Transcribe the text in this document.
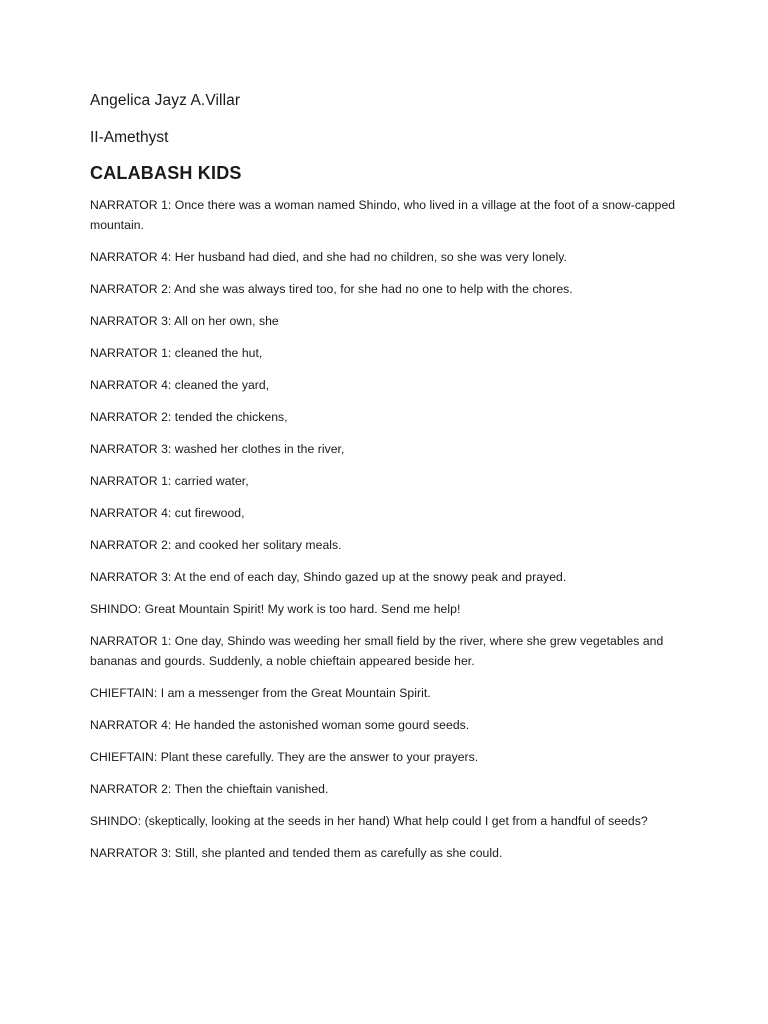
Angelica Jayz A.Villar

II-Amethyst

CALABASH KIDS

NARRATOR 1: Once there was a woman named Shindo, who lived in a village at the foot of a snow-capped mountain.

NARRATOR 4: Her husband had died, and she had no children, so she was very lonely.

NARRATOR 2: And she was always tired too, for she had no one to help with the chores.

NARRATOR 3: All on her own, she

NARRATOR 1: cleaned the hut,

NARRATOR 4: cleaned the yard,

NARRATOR 2: tended the chickens,

NARRATOR 3: washed her clothes in the river,

NARRATOR 1: carried water,

NARRATOR 4: cut firewood,

NARRATOR 2: and cooked her solitary meals.

NARRATOR 3: At the end of each day, Shindo gazed up at the snowy peak and prayed.

SHINDO: Great Mountain Spirit! My work is too hard. Send me help!

NARRATOR 1: One day, Shindo was weeding her small field by the river, where she grew vegetables and bananas and gourds. Suddenly, a noble chieftain appeared beside her.

CHIEFTAIN: I am a messenger from the Great Mountain Spirit.

NARRATOR 4: He handed the astonished woman some gourd seeds.

CHIEFTAIN: Plant these carefully. They are the answer to your prayers.

NARRATOR 2: Then the chieftain vanished.

SHINDO: (skeptically, looking at the seeds in her hand) What help could I get from a handful of seeds?

NARRATOR 3: Still, she planted and tended them as carefully as she could.
